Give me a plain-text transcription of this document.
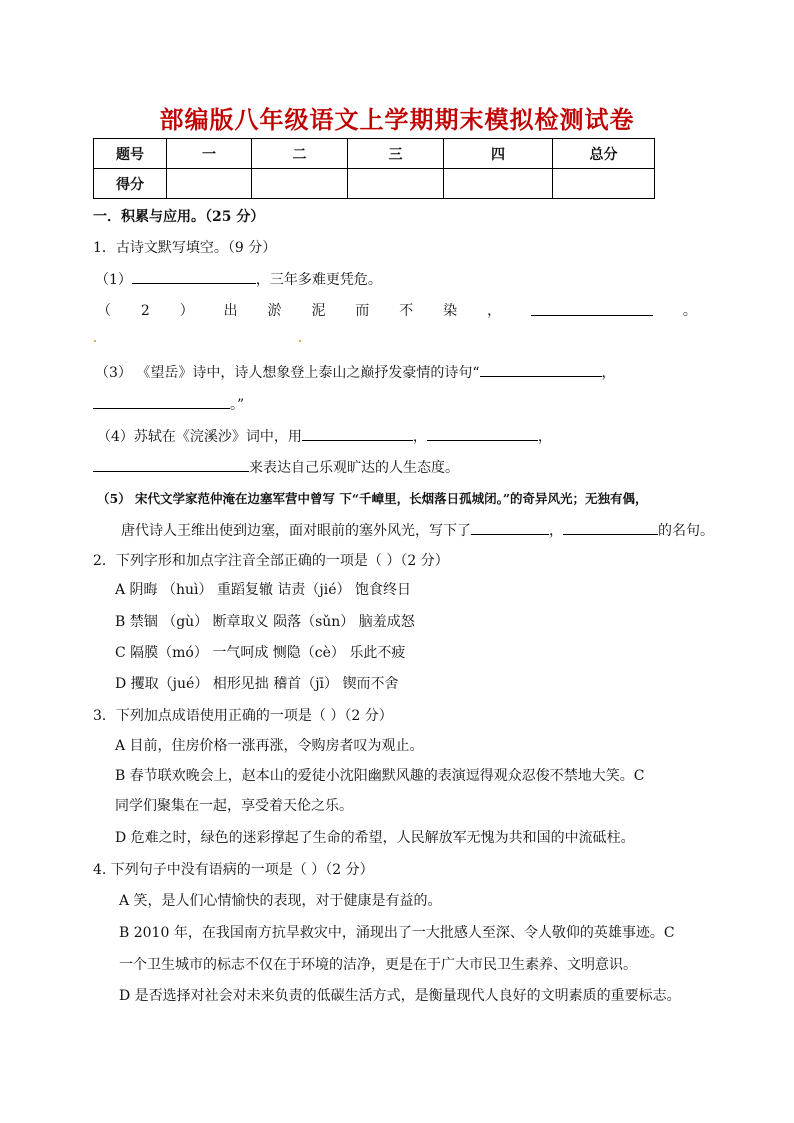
部编版八年级语文上学期期末模拟检测试卷
题号	一	二	三	四	总分
得分					
一．积累与应用。（25 分）
1．古诗文默写填空。（9 分）
（1）	，三年多难更凭危。
（ 2 ） 出 淤 泥 而 不 染 ，	。
（3） 《望岳》诗中，诗人想象登上泰山之巅抒发豪情的诗句“	，
。”
（4）苏轼在《浣溪沙》词中，用	，	，
来表达自己乐观旷达的人生态度。
（5） 宋代文学家范仲淹在边塞军营中曾写 下“千嶂里，长烟落日孤城闭。”的奇异风光；无独有偶，
唐代诗人王维出使到边塞，面对眼前的塞外风光，写下了	，	的名句。
2．下列字形和加点字注音全部正确的一项是（ ）（2 分）
A 阴晦 （huì） 重蹈复辙 诘责（jié） 饱食终日
B 禁锢 （gù） 断章取义 陨落（sǔn） 脑羞成怒
C 隔膜（mó） 一气呵成 恻隐（cè） 乐此不疲
D 攫取（jué） 相形见拙 稽首（jī） 锲而不舍
3．下列加点成语使用正确的一项是（ ）（2 分）
A 目前，住房价格一涨再涨，令购房者叹为观止。
B 春节联欢晚会上，赵本山的爱徒小沈阳幽默风趣的表演逗得观众忍俊不禁地大笑。C
同学们聚集在一起，享受着天伦之乐。
D 危难之时，绿色的迷彩撑起了生命的希望，人民解放军无愧为共和国的中流砥柱。
4. 下列句子中没有语病的一项是（ ）（2 分）
A 笑，是人们心情愉快的表现，对于健康是有益的。
B 2010 年，在我国南方抗旱救灾中，涌现出了一大批感人至深、令人敬仰的英雄事迹。C
一个卫生城市的标志不仅在于环境的洁净，更是在于广大市民卫生素养、文明意识。
D 是否选择对社会对未来负责的低碳生活方式，是衡量现代人良好的文明素质的重要标志。
